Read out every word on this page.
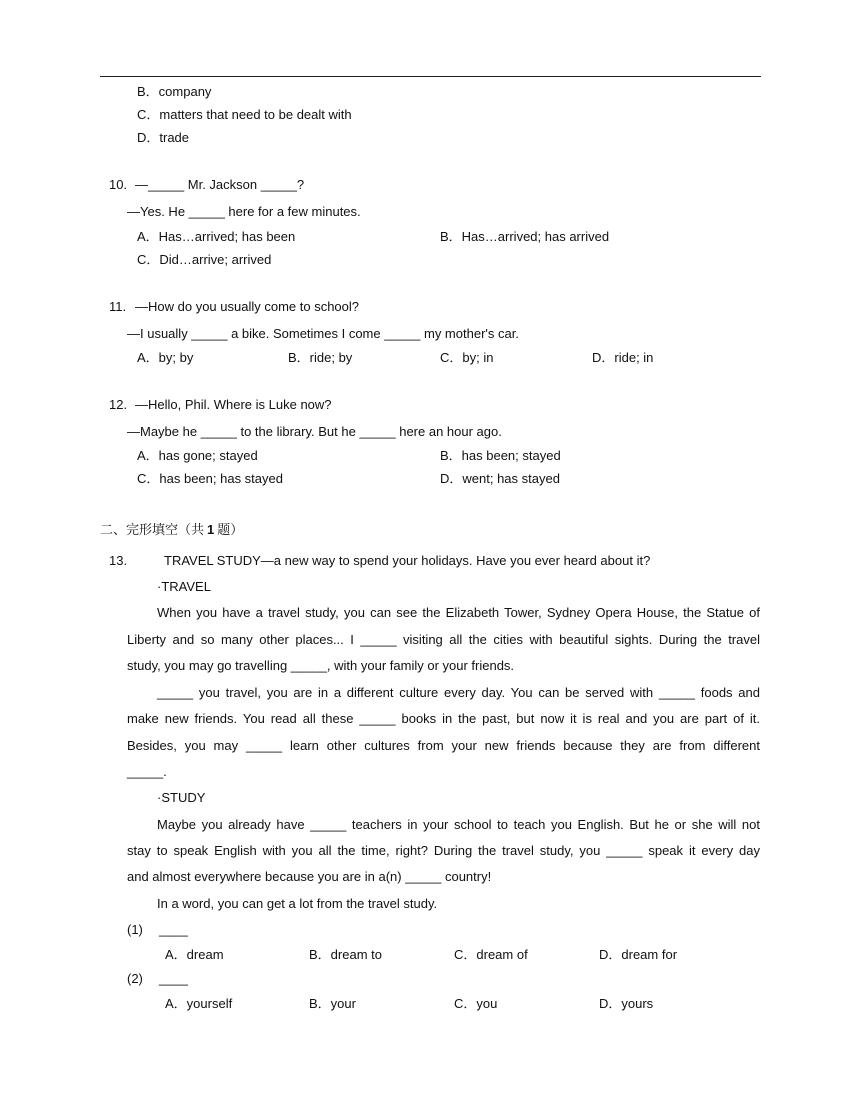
B．company
C．matters that need to be dealt with
D．trade
10. —_____ Mr. Jackson _____?
—Yes. He _____ here for a few minutes.
A．Has…arrived; has been	B．Has…arrived; has arrived
C．Did…arrive; arrived
11. —How do you usually come to school?
—I usually _____ a bike. Sometimes I come _____ my mother's car.
A．by; by	B．ride; by	C．by; in	D．ride; in
12. —Hello, Phil. Where is Luke now?
—Maybe he _____ to the library. But he _____ here an hour ago.
A．has gone; stayed	B．has been; stayed
C．has been; has stayed	D．went; has stayed
二、完形填空（共 1 题）
13.	TRAVEL STUDY—a new way to spend your holidays. Have you ever heard about it?
·TRAVEL
When you have a travel study, you can see the Elizabeth Tower, Sydney Opera House, the Statue of
Liberty and so many other places... I _____ visiting all the cities with beautiful sights. During the travel
study, you may go travelling _____, with your family or your friends.
_____ you travel, you are in a different culture every day. You can be served with _____ foods and
make new friends. You read all these _____ books in the past, but now it is real and you are part of it.
Besides, you may _____ learn other cultures from your new friends because they are from different
_____.
·STUDY
Maybe you already have _____ teachers in your school to teach you English. But he or she will not
stay to speak English with you all the time, right? During the travel study, you _____ speak it every day
and almost everywhere because you are in a(n) _____ country!
In a word, you can get a lot from the travel study.
(1) ____
A．dream	B．dream to	C．dream of	D．dream for
(2) ____
A．yourself	B．your	C．you	D．yours
